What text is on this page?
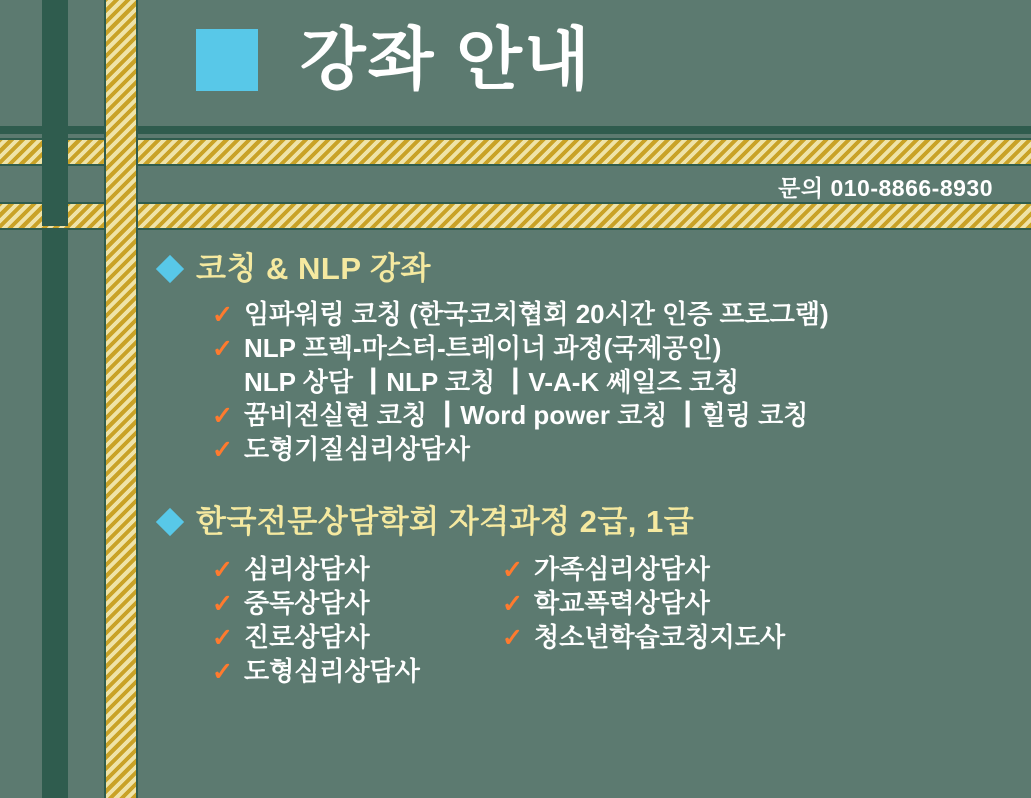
강좌 안내
문의 010-8866-8930
코칭 & NLP 강좌
✓ 임파워링 코칭 (한국코치협회 20시간 인증 프로그램)
✓ NLP 프렉-마스터-트레이너 과정(국제공인)
NLP 상담 ┃NLP 코칭 ┃V-A-K 쎄일즈 코칭
✓ 꿈비전실현 코칭 ┃Word power 코칭 ┃힐링 코칭
✓ 도형기질심리상담사
한국전문상담학회 자격과정 2급, 1급
✓ 심리상담사
✓ 중독상담사
✓ 진로상담사
✓ 도형심리상담사
✓ 가족심리상담사
✓ 학교폭력상담사
✓ 청소년학습코칭지도사
